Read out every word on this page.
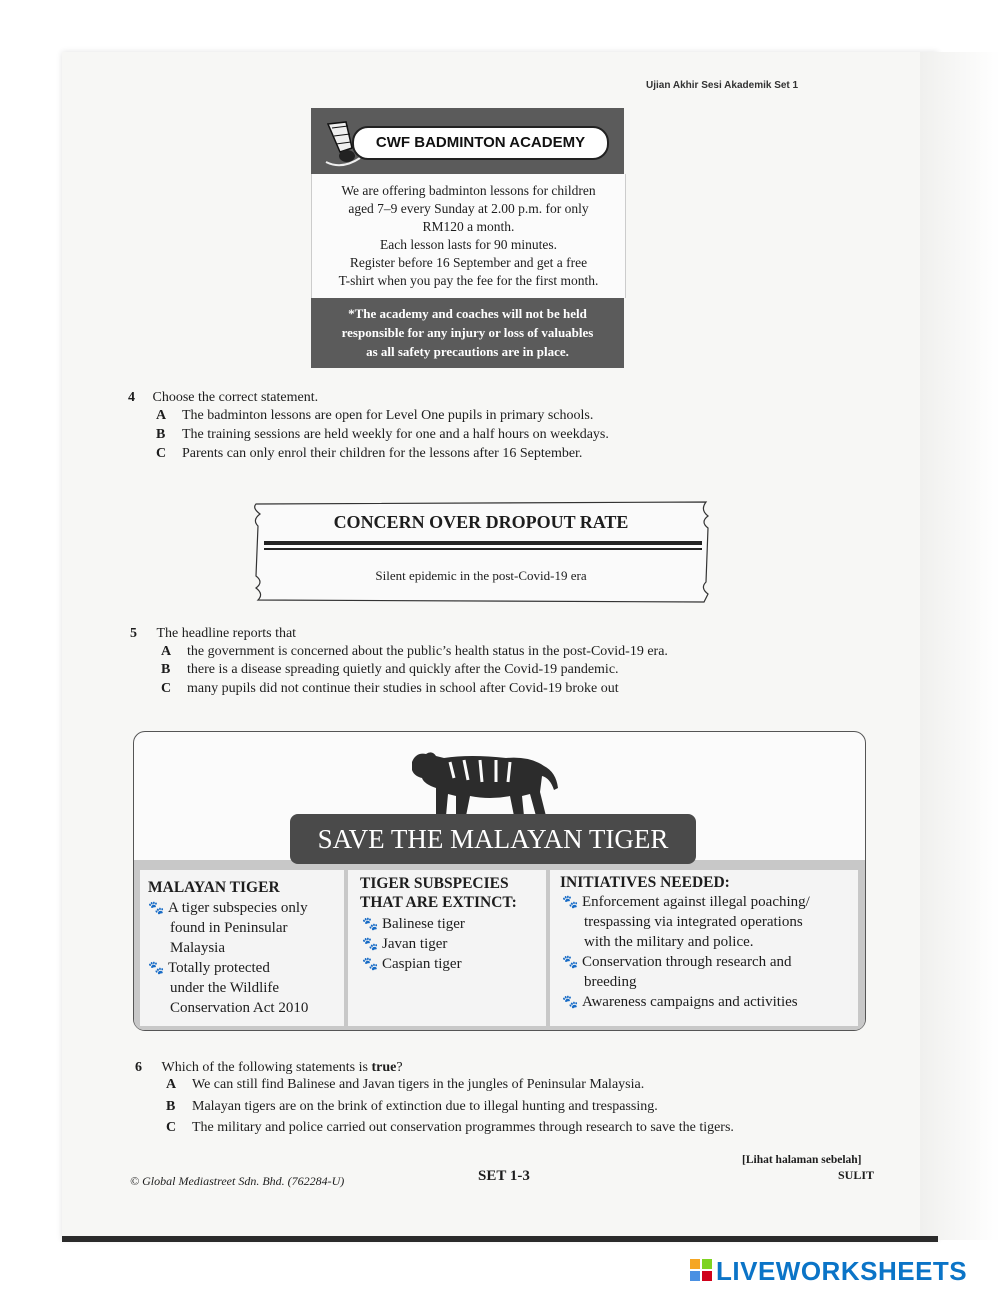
Ujian Akhir Sesi Akademik Set 1
CWF BADMINTON ACADEMY

We are offering badminton lessons for children
aged 7–9 every Sunday at 2.00 p.m. for only
RM120 a month.
Each lesson lasts for 90 minutes.
Register before 16 September and get a free
T-shirt when you pay the fee for the first month.

*The academy and coaches will not be held
responsible for any injury or loss of valuables
as all safety precautions are in place.
4 Choose the correct statement.
A The badminton lessons are open for Level One pupils in primary schools.
B The training sessions are held weekly for one and a half hours on weekdays.
C Parents can only enrol their children for the lessons after 16 September.
CONCERN OVER DROPOUT RATE
Silent epidemic in the post-Covid-19 era
5 The headline reports that
A the government is concerned about the public’s health status in the post-Covid-19 era.
B there is a disease spreading quietly and quickly after the Covid-19 pandemic.
C many pupils did not continue their studies in school after Covid-19 broke out
SAVE THE MALAYAN TIGER
MALAYAN TIGER
🐾 A tiger subspecies only
found in Peninsular
Malaysia
🐾 Totally protected
under the Wildlife
Conservation Act 2010
TIGER SUBSPECIES
THAT ARE EXTINCT:
🐾 Balinese tiger
🐾 Javan tiger
🐾 Caspian tiger
INITIATIVES NEEDED:
🐾 Enforcement against illegal poaching/
trespassing via integrated operations
with the military and police.
🐾 Conservation through research and
breeding
🐾 Awareness campaigns and activities
6 Which of the following statements is true?
A We can still find Balinese and Javan tigers in the jungles of Peninsular Malaysia.
B Malayan tigers are on the brink of extinction due to illegal hunting and trespassing.
C The military and police carried out conservation programmes through research to save the tigers.
© Global Mediastreet Sdn. Bhd. (762284-U)	SET 1-3
[Lihat halaman sebelah]
SULIT
LIVEWORKSHEETS
